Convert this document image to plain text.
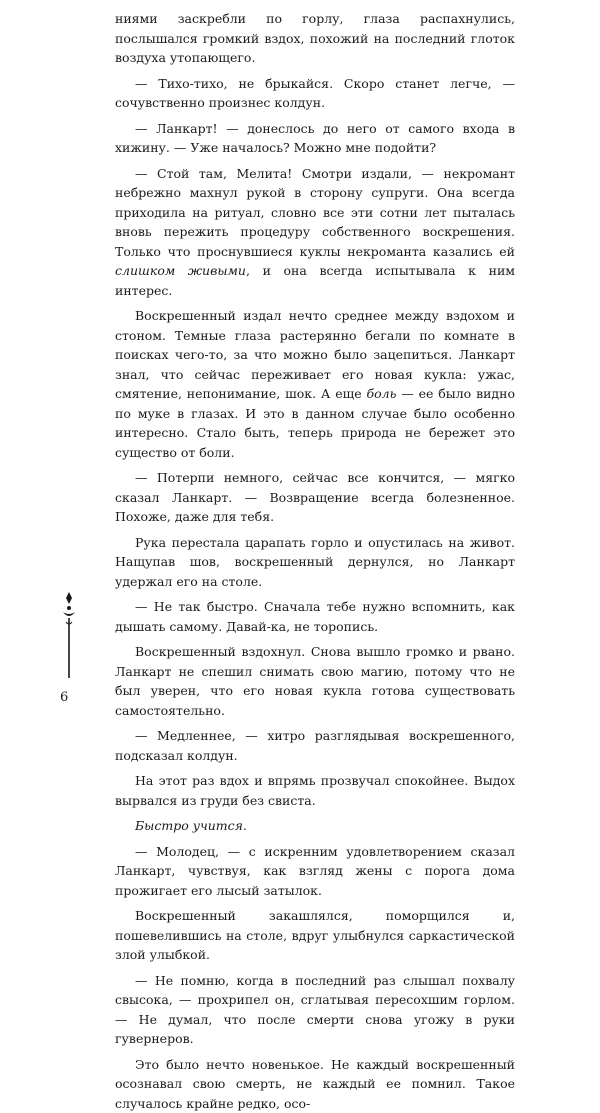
ниями заскребли по горлу, глаза распахнулись, послышался громкий вздох, похожий на последний глоток воздуха утопающего.

— Тихо-тихо, не брыкайся. Скоро станет легче, — сочувственно произнес колдун.

— Ланкарт! — донеслось до него от самого входа в хижину. — Уже началось? Можно мне подойти?

— Стой там, Мелита! Смотри издали, — некромант небрежно махнул рукой в сторону супруги. Она всегда приходила на ритуал, словно все эти сотни лет пыталась вновь пережить процедуру собственного воскрешения. Только что проснувшиеся куклы некроманта казались ей слишком живыми, и она всегда испытывала к ним интерес.

Воскрешенный издал нечто среднее между вздохом и стоном. Темные глаза растерянно бегали по комнате в поисках чего-то, за что можно было зацепиться. Ланкарт знал, что сейчас переживает его новая кукла: ужас, смятение, непонимание, шок. А еще боль — ее было видно по муке в глазах. И это в данном случае было особенно интересно. Стало быть, теперь природа не бережет это существо от боли.

— Потерпи немного, сейчас все кончится, — мягко сказал Ланкарт. — Возвращение всегда болезненное. Похоже, даже для тебя.

Рука перестала царапать горло и опустилась на живот. Нащупав шов, воскрешенный дернулся, но Ланкарт удержал его на столе.

— Не так быстро. Сначала тебе нужно вспомнить, как дышать самому. Давай-ка, не торопись.

Воскрешенный вздохнул. Снова вышло громко и рвано. Ланкарт не спешил снимать свою магию, потому что не был уверен, что его новая кукла готова существовать самостоятельно.

— Медленнее, — хитро разглядывая воскрешенного, подсказал колдун.

На этот раз вдох и впрямь прозвучал спокойнее. Выдох вырвался из груди без свиста.

Быстро учится.

— Молодец, — с искренним удовлетворением сказал Ланкарт, чувствуя, как взгляд жены с порога дома прожигает его лысый затылок.

Воскрешенный закашлялся, поморщился и, пошевелившись на столе, вдруг улыбнулся саркастической злой улыбкой.

— Не помню, когда в последний раз слышал похвалу свысока, — прохрипел он, сглатывая пересохшим горлом. — Не думал, что после смерти снова угожу в руки гувернеров.

Это было нечто новенькое. Не каждый воскрешенный осознавал свою смерть, не каждый ее помнил. Такое случалось крайне редко, осо-

6
